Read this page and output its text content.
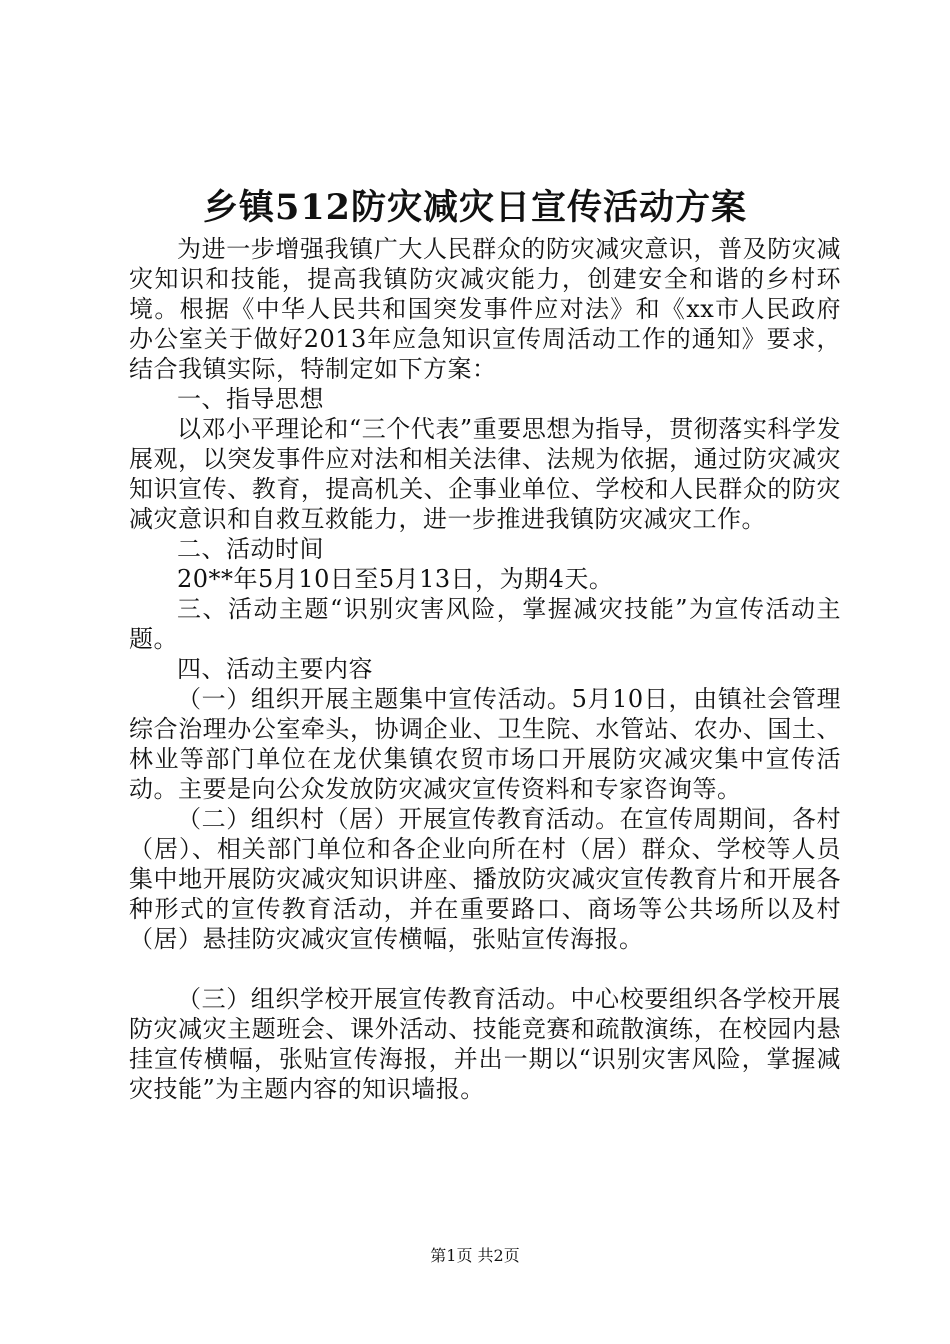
乡镇512防灾减灾日宣传活动方案

为进一步增强我镇广大人民群众的防灾减灾意识，普及防灾减灾知识和技能，提高我镇防灾减灾能力，创建安全和谐的乡村环境。根据《中华人民共和国突发事件应对法》和《xx市人民政府办公室关于做好2013年应急知识宣传周活动工作的通知》要求，结合我镇实际，特制定如下方案：

一、指导思想

以邓小平理论和“三个代表”重要思想为指导，贯彻落实科学发展观，以突发事件应对法和相关法律、法规为依据，通过防灾减灾知识宣传、教育，提高机关、企事业单位、学校和人民群众的防灾减灾意识和自救互救能力，进一步推进我镇防灾减灾工作。

二、活动时间

20**年5月10日至5月13日，为期4天。

三、活动主题“识别灾害风险，掌握减灾技能”为宣传活动主题。

四、活动主要内容

（一）组织开展主题集中宣传活动。5月10日，由镇社会管理综合治理办公室牵头，协调企业、卫生院、水管站、农办、国土、林业等部门单位在龙伏集镇农贸市场口开展防灾减灾集中宣传活动。主要是向公众发放防灾减灾宣传资料和专家咨询等。

（二）组织村（居）开展宣传教育活动。在宣传周期间，各村（居）、相关部门单位和各企业向所在村（居）群众、学校等人员集中地开展防灾减灾知识讲座、播放防灾减灾宣传教育片和开展各种形式的宣传教育活动，并在重要路口、商场等公共场所以及村（居）悬挂防灾减灾宣传横幅，张贴宣传海报。

（三）组织学校开展宣传教育活动。中心校要组织各学校开展防灾减灾主题班会、课外活动、技能竞赛和疏散演练，在校园内悬挂宣传横幅，张贴宣传海报，并出一期以“识别灾害风险，掌握减灾技能”为主题内容的知识墙报。

第1页 共2页
